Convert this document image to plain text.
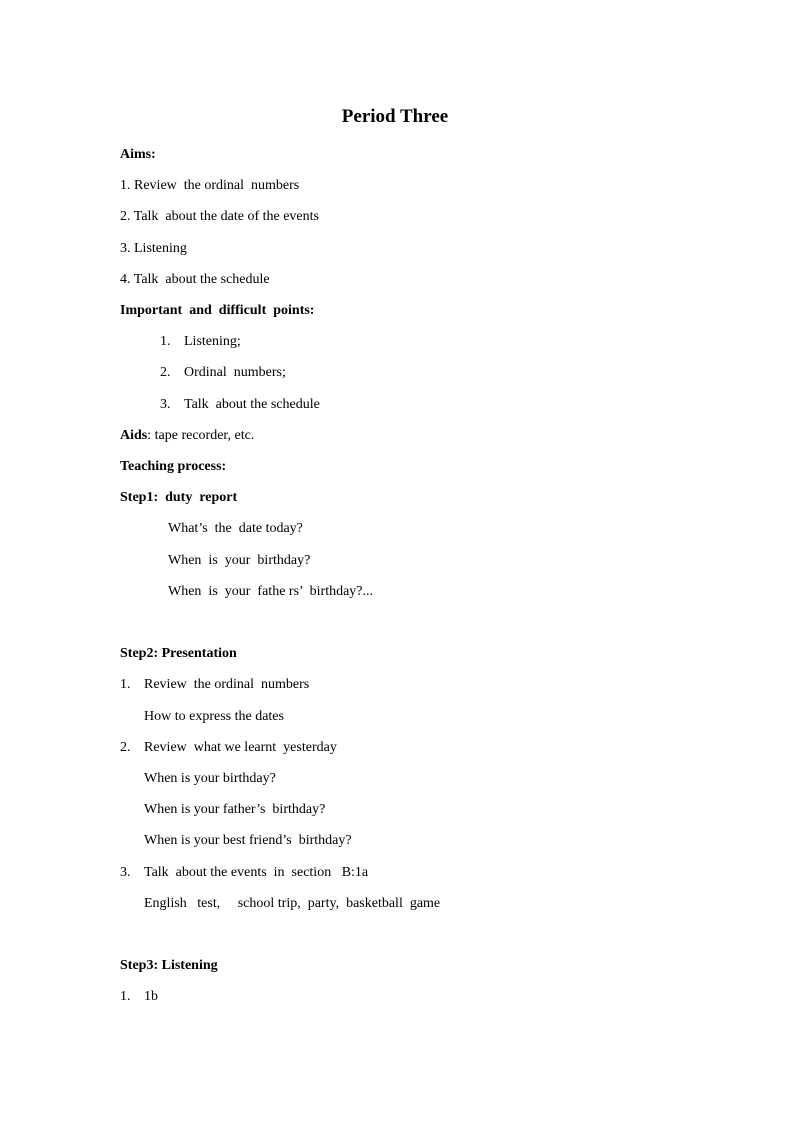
Period Three
Aims:
1. Review  the ordinal  numbers
2. Talk  about the date of the events
3. Listening
4. Talk  about the schedule
Important  and  difficult  points:
1. Listening;
2. Ordinal  numbers;
3. Talk  about the schedule
Aids: tape recorder, etc.
Teaching process:
Step1:  duty  report
What’s  the  date today?
When  is  your  birthday?
When  is  your  fathe rs’  birthday?...
Step2: Presentation
1. Review  the ordinal  numbers
How to express the dates
2. Review  what we learnt  yesterday
When is your birthday?
When is your father’s  birthday?
When is your best friend’s  birthday?
3. Talk  about the events  in  section   B:1a
English   test,     school trip,  party,  basketball  game
Step3: Listening
1. 1b
